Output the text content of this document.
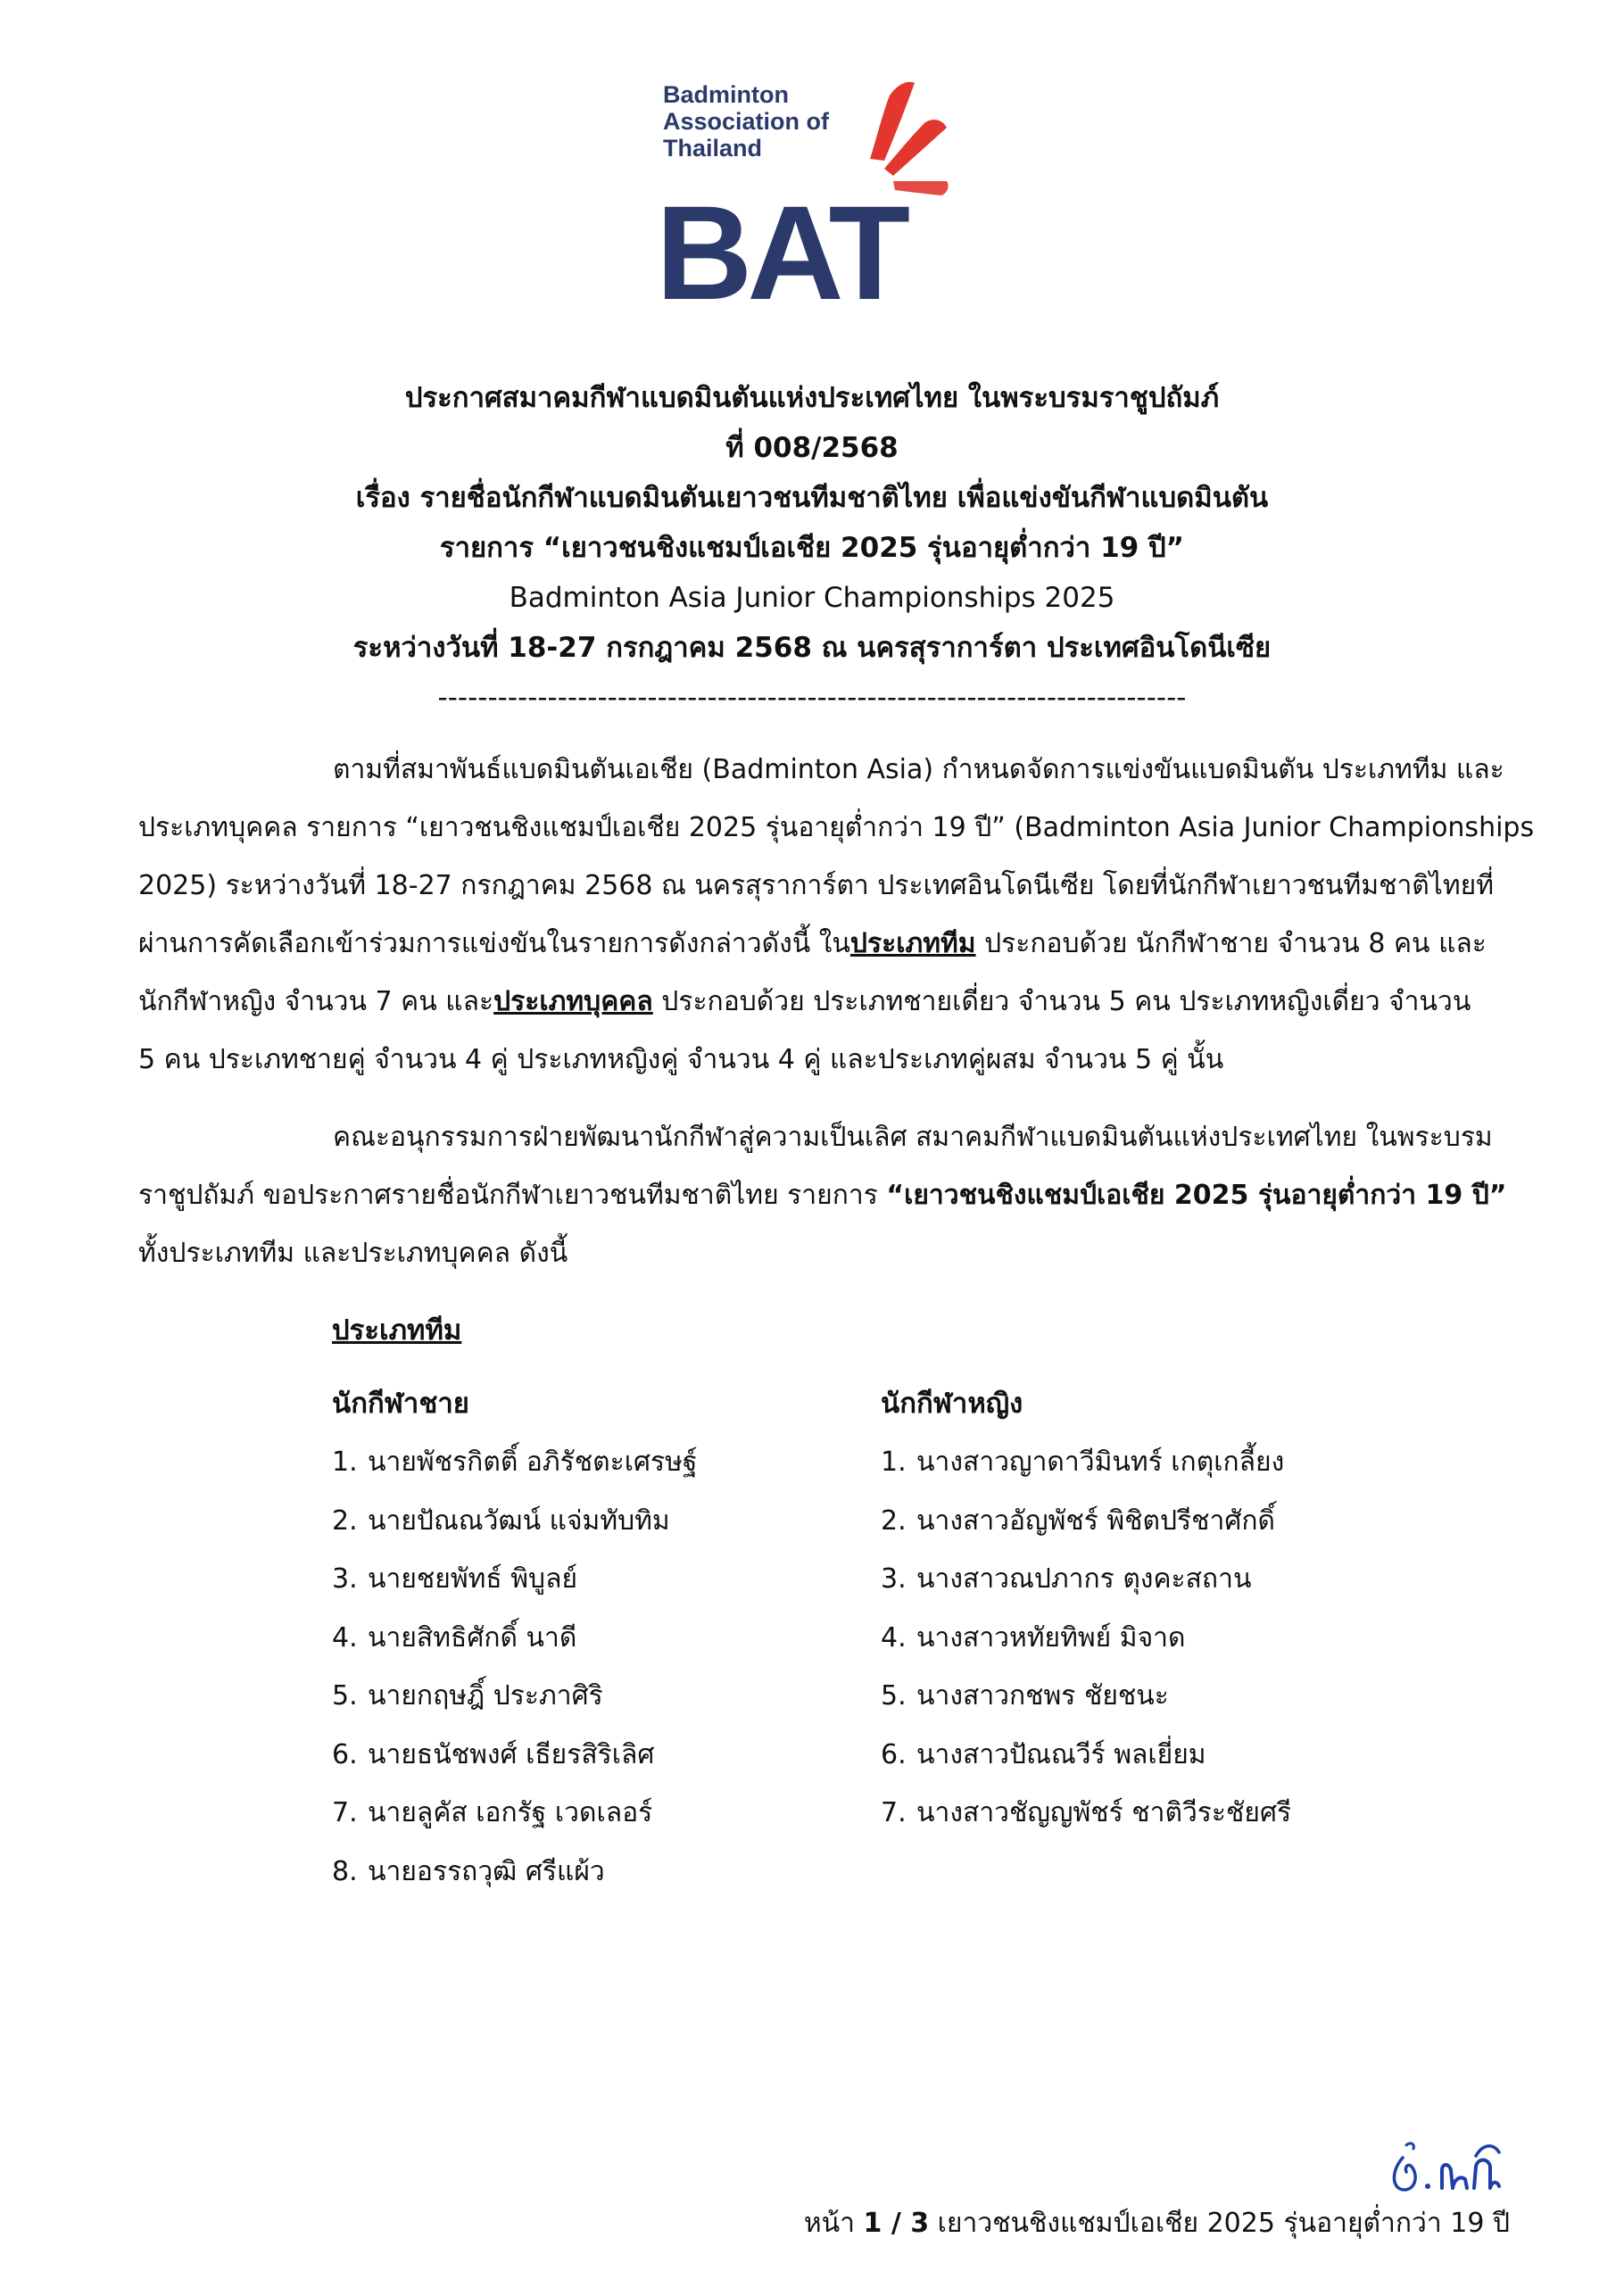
Badminton
Association of
Thailand
BAT
ประกาศสมาคมกีฬาแบดมินตันแห่งประเทศไทย ในพระบรมราชูปถัมภ์
ที่ 008/2568
เรื่อง รายชื่อนักกีฬาแบดมินตันเยาวชนทีมชาติไทย เพื่อแข่งขันกีฬาแบดมินตัน
รายการ “เยาวชนชิงแชมป์เอเชีย 2025 รุ่นอายุต่ำกว่า 19 ปี”
Badminton Asia Junior Championships 2025
ระหว่างวันที่ 18-27 กรกฎาคม 2568 ณ นครสุราการ์ตา ประเทศอินโดนีเซีย
---------------------------------------------------------------------------
ตามที่สมาพันธ์แบดมินตันเอเชีย (Badminton Asia) กำหนดจัดการแข่งขันแบดมินตัน ประเภททีม และ
ประเภทบุคคล รายการ “เยาวชนชิงแชมป์เอเชีย 2025 รุ่นอายุต่ำกว่า 19 ปี” (Badminton Asia Junior Championships
2025) ระหว่างวันที่ 18-27 กรกฎาคม 2568 ณ นครสุราการ์ตา ประเทศอินโดนีเซีย โดยที่นักกีฬาเยาวชนทีมชาติไทยที่
ผ่านการคัดเลือกเข้าร่วมการแข่งขันในรายการดังกล่าวดังนี้ ในประเภททีม ประกอบด้วย นักกีฬาชาย จำนวน 8 คน และ
นักกีฬาหญิง จำนวน 7 คน และประเภทบุคคล ประกอบด้วย ประเภทชายเดี่ยว จำนวน 5 คน ประเภทหญิงเดี่ยว จำนวน
5 คน ประเภทชายคู่ จำนวน 4 คู่ ประเภทหญิงคู่ จำนวน 4 คู่ และประเภทคู่ผสม จำนวน 5 คู่ นั้น
คณะอนุกรรมการฝ่ายพัฒนานักกีฬาสู่ความเป็นเลิศ สมาคมกีฬาแบดมินตันแห่งประเทศไทย ในพระบรม
ราชูปถัมภ์ ขอประกาศรายชื่อนักกีฬาเยาวชนทีมชาติไทย รายการ “เยาวชนชิงแชมป์เอเชีย 2025 รุ่นอายุต่ำกว่า 19 ปี”
ทั้งประเภททีม และประเภทบุคคล ดังนี้
ประเภททีม
นักกีฬาชาย
1. นายพัชรกิตติ์ อภิรัชตะเศรษฐ์
2. นายปัณณวัฒน์ แจ่มทับทิม
3. นายชยพัทธ์ พิบูลย์
4. นายสิทธิศักดิ์ นาดี
5. นายกฤษฎิ์ ประภาศิริ
6. นายธนัชพงศ์ เธียรสิริเลิศ
7. นายลูคัส เอกรัฐ เวดเลอร์
8. นายอรรถวุฒิ ศรีแผ้ว
นักกีฬาหญิง
1. นางสาวญาดาวีมินทร์ เกตุเกลี้ยง
2. นางสาวอัญพัชร์ พิชิตปรีชาศักดิ์
3. นางสาวณปภากร ตุงคะสถาน
4. นางสาวหทัยทิพย์ มิจาด
5. นางสาวกชพร ชัยชนะ
6. นางสาวปัณณวีร์ พลเยี่ยม
7. นางสาวชัญญพัชร์ ชาติวีระชัยศรี
หน้า 1 / 3 เยาวชนชิงแชมป์เอเชีย 2025 รุ่นอายุต่ำกว่า 19 ปี
